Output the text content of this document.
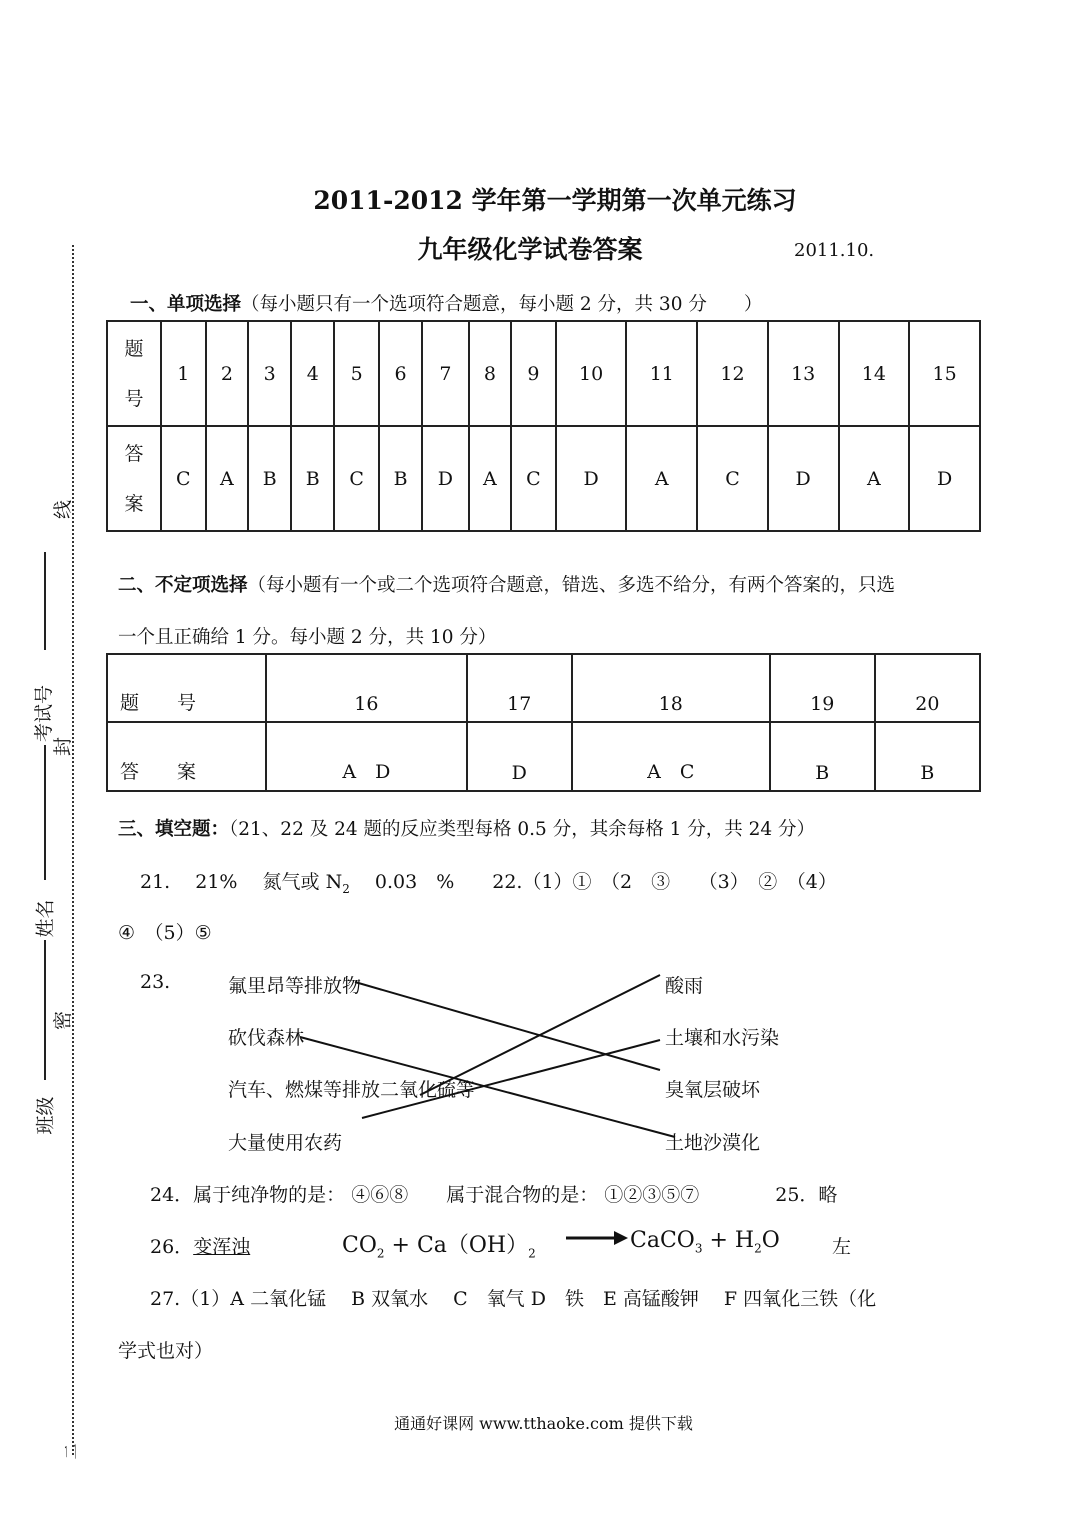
线
封
密
考试号
姓名
班级
二
2011-2012 学年第一学期第一次单元练习
九年级化学试卷答案	2011.10.
一、单项选择（每小题只有一个选项符合题意，每小题 2 分，共 30 分　　）
题
号	1	2	3	4	5	6	7	8	9	10	11	12	13	14	15

答
案	C	A	B	B	C	B	D	A	C	D	A	C	D	A	D
二、不定项选择（每小题有一个或二个选项符合题意，错选、多选不给分，有两个答案的，只选
一个且正确给 1 分。每小题 2 分，共 10 分）
题　　号	16	17	18	19	20
答　　案	A　D	D	A　C	B	B
三、填空题：（21、22 及 24 题的反应类型每格 0.5 分，其余每格 1 分，共 24 分）
21.　 21%　 氮气或 $N_2$　 0.03　%　　22.（1）①　（2　③　　（3）　②　（4）
④　（5）⑤
23.	氟里昂等排放物
砍伐森林
汽车、燃煤等排放二氧化硫等
大量使用农药
酸雨
土壤和水污染
臭氧层破坏
土地沙漠化
24．属于纯净物的是： ④⑥⑧　　属于混合物的是： ①②③⑤⑦　　　　25．略
26．变浑浊	$CO_2 + Ca(OH)_2$
→ CaCO$_3$ + $H_2O$	左
27.（1）A 二氧化锰　 B 双氧水　 C　氧气 D　铁　E 高锰酸钾　 F 四氧化三铁（化
学式也对）
通通好课网 www.tthaoke.com 提供下载
